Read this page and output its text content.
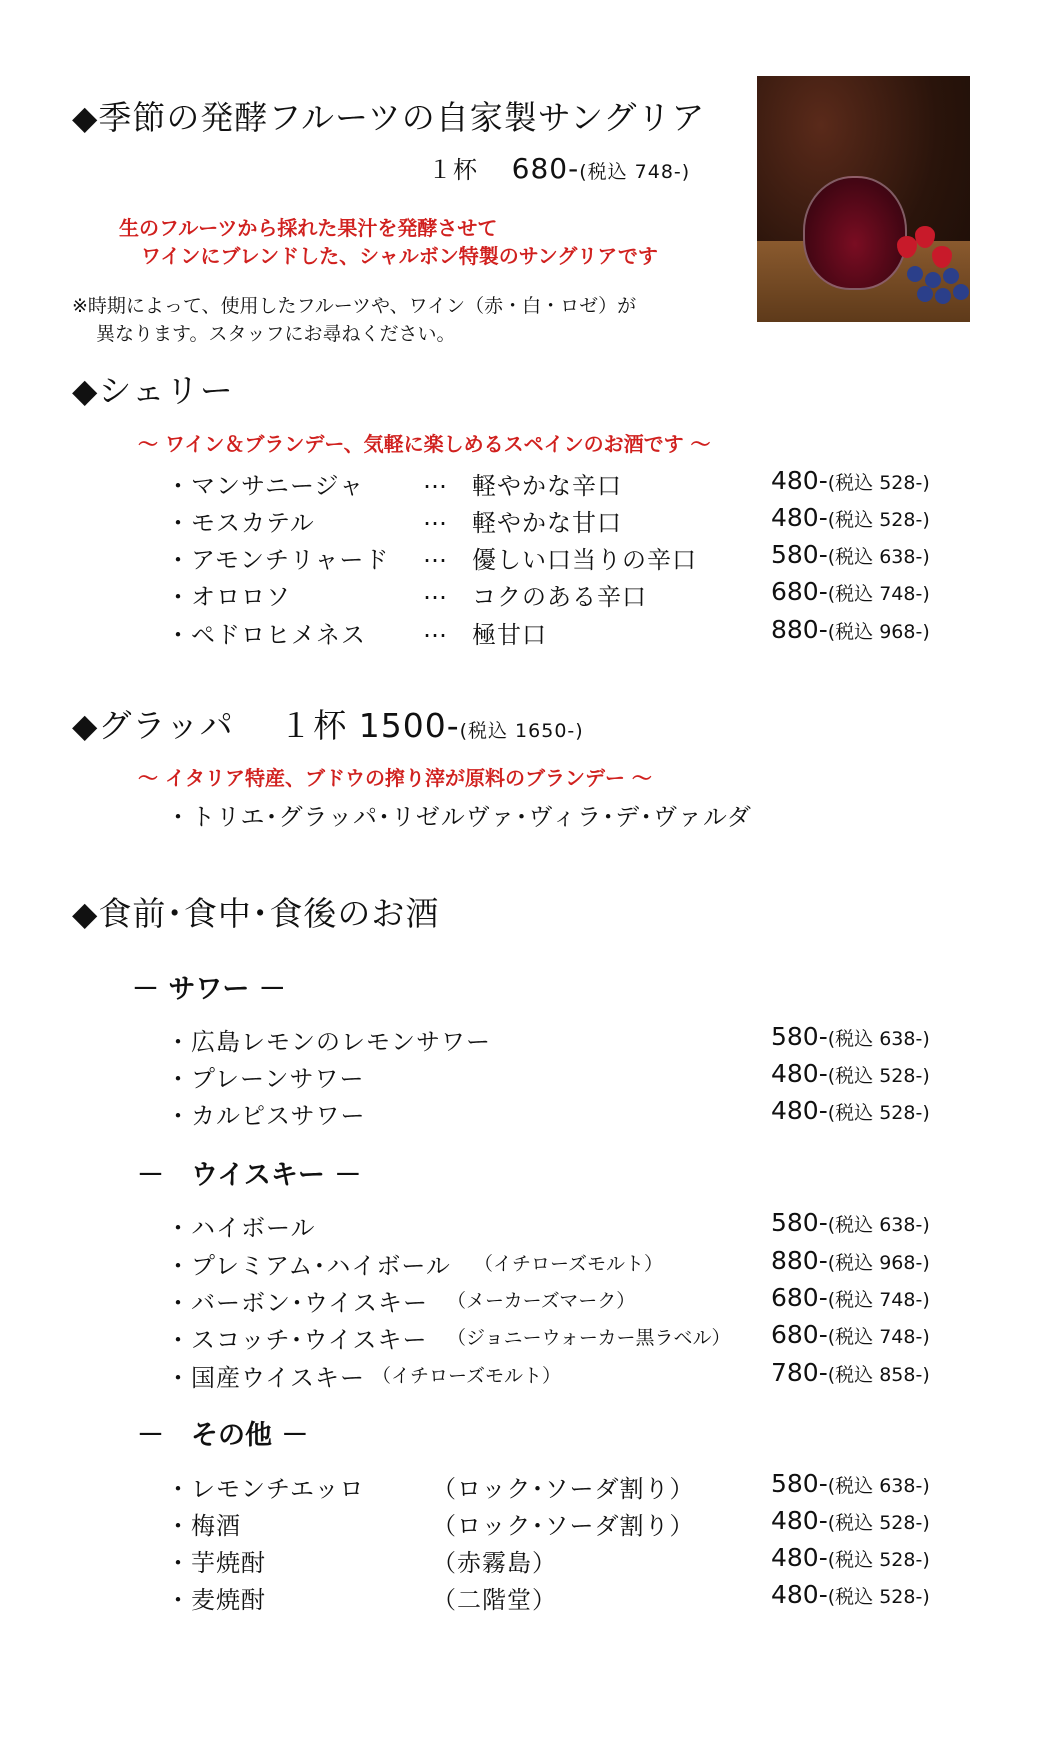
◆季節の発酵フルーツの自家製サングリア
１杯　 680-(税込 748-)
生のフルーツから採れた果汁を発酵させて
ワインにブレンドした、シャルボン特製のサングリアです
※時期によって、使用したフルーツや、ワイン（赤・白・ロゼ）が
異なります。スタッフにお尋ねください。
◆シェリー
～ ワイン＆ブランデー、気軽に楽しめるスペインのお酒です ～
・マンサニージャ … 軽やかな辛口	480-(税込 528-)
・モスカテル	… 軽やかな甘口	480-(税込 528-)
・アモンチリャード … 優しい口当りの辛口	580-(税込 638-)
・オロロソ	… コクのある辛口	680-(税込 748-)
・ペドロヒメネス … 極甘口	880-(税込 968-)
◆グラッパ　 １杯 1500-(税込 1650-)
～ イタリア特産、ブドウの搾り滓が原料のブランデー ～
・トリエ･グラッパ･リゼルヴァ･ヴィラ･デ･ヴァルダ
◆食前･食中･食後のお酒
－ サワー －
・広島レモンのレモンサワー	580-(税込 638-)
・プレーンサワー	480-(税込 528-)
・カルピスサワー	480-(税込 528-)
－　ウイスキー －
・ハイボール	580-(税込 638-)
・プレミアム･ハイボール （イチローズモルト）	880-(税込 968-)
・バーボン･ウイスキー （メーカーズマーク）	680-(税込 748-)
・スコッチ･ウイスキー （ジョニーウォーカー黒ラベル） 680-(税込 748-)
・国産ウイスキー （イチローズモルト）	780-(税込 858-)
－　その他 －
・レモンチエッロ	（ロック･ソーダ割り）	580-(税込 638-)
・梅酒	（ロック･ソーダ割り）	480-(税込 528-)
・芋焼酎	（赤霧島）	480-(税込 528-)
・麦焼酎	（二階堂）	480-(税込 528-)
